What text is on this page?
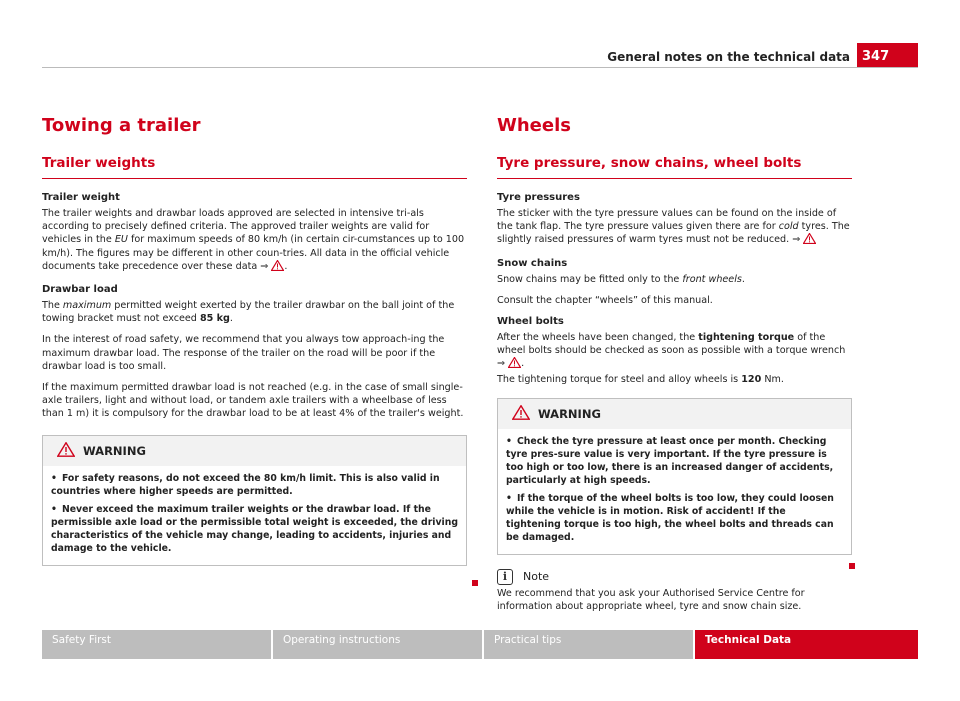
General notes on the technical data 347
Towing a trailer
Trailer weights
Trailer weight

The trailer weights and drawbar loads approved are selected in intensive tri-als according to precisely defined criteria. The approved trailer weights are valid for vehicles in the EU for maximum speeds of 80 km/h (in certain cir-cumstances up to 100 km/h). The figures may be different in other coun-tries. All data in the official vehicle documents take precedence over these data ⇒ .

Drawbar load

The maximum permitted weight exerted by the trailer drawbar on the ball joint of the towing bracket must not exceed 85 kg.

In the interest of road safety, we recommend that you always tow approach-ing the maximum drawbar load. The response of the trailer on the road will be poor if the drawbar load is too small.

If the maximum permitted drawbar load is not reached (e.g. in the case of small single-axle trailers, light and without load, or tandem axle trailers with a wheelbase of less than 1 m) it is compulsory for the drawbar load to be at least 4% of the trailer's weight.

WARNING
• For safety reasons, do not exceed the 80 km/h limit. This is also valid in countries where higher speeds are permitted.
• Never exceed the maximum trailer weights or the drawbar load. If the permissible axle load or the permissible total weight is exceeded, the driving characteristics of the vehicle may change, leading to accidents, injuries and damage to the vehicle.
Wheels
Tyre pressure, snow chains, wheel bolts
Tyre pressures

The sticker with the tyre pressure values can be found on the inside of the tank flap. The tyre pressure values given there are for cold tyres. The slightly raised pressures of warm tyres must not be reduced. ⇒

Snow chains

Snow chains may be fitted only to the front wheels.

Consult the chapter “wheels” of this manual.

Wheel bolts

After the wheels have been changed, the tightening torque of the wheel bolts should be checked as soon as possible with a torque wrench ⇒ .
The tightening torque for steel and alloy wheels is 120 Nm.

WARNING
• Check the tyre pressure at least once per month. Checking tyre pres-sure value is very important. If the tyre pressure is too high or too low, there is an increased danger of accidents, particularly at high speeds.
• If the torque of the wheel bolts is too low, they could loosen while the vehicle is in motion. Risk of accident! If the tightening torque is too high, the wheel bolts and threads can be damaged.
i	Note

We recommend that you ask your Authorised Service Centre for information about appropriate wheel, tyre and snow chain size.

Safety First	Operating instructions	Practical tips	Technical Data
